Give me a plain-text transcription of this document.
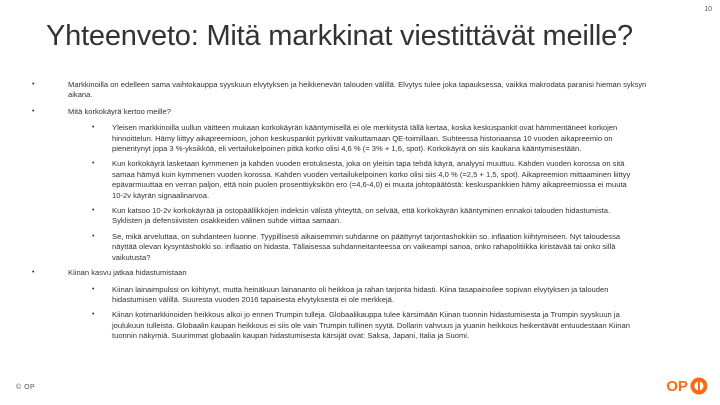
10
Yhteenveto: Mitä markkinat viestittävät meille?
•	Markkinoilla on edelleen sama vaihtokauppa syyskuun elvytyksen ja heikkenevän talouden välillä. Elvytys tulee joka tapauksessa, vaikka makrodata paranisi hieman syksyn aikana.
•	Mitä korkokäyrä kertoo meille?
• Yleisen markkinoilla uullun väitteen mukaan korkokäyrän kääntymisellä ei ole merkitystä tällä kertaa, koska keskuspankit ovat hämmentäneet korkojen hinnoittelun. Hämy liittyy aikapreemioon, johon keskuspankit pyrkivät vaikuttamaan QE-toimillaan. Suhteessa historiaansa 10 vuoden aikapreemio on pienentynyt jopa 3 %-yksikköä, eli vertailukelpoinen pitkä korko olisi 4,6 % (= 3% + 1,6, spot). Korkokäyrä on siis kaukana kääntymisestään.
• Kun korkokäyrä lasketaan kymmenen ja kahden vuoden erotuksesta, joka on yleisin tapa tehdä käyrä, analyysi muuttuu. Kahden vuoden korossa on sitä samaa hämyä kuin kymmenen vuoden korossa. Kahden vuoden vertailukelpoinen korko olisi siis 4,0 % (=2,5 + 1,5, spot). Aikapreemion mittaaminen liittyy epävarmuuttaa en verran paljon, että noin puolen prosenttiyksikön ero (=4,6-4,0) ei muuta johtopäätöstä: keskuspankkien hämy aikapreemiossa ei muuta 10-2v käyrän signaalinarvoa.
• Kun katsoo 10-2v korkokäyrää ja ostopäällikköjen indeksin välistä yhteyttä, on selvää, että korkokäyrän kääntyminen ennakoi talouden hidastumista. Syklisten ja defensiivisten osakkeiden välinen suhde viittaa samaan.
• Se, mikä arveluttaa, on suhdanteen luonne. Tyypillisesti aikaisemmin suhdanne on päättynyt tarjontashokkiin so. inflaation kiihtymiseen. Nyt taloudessa näyttää olevan kysyntäshokki so. inflaatio on hidasta. Tällaisessa suhdanneitanteessa on vaikeampi sanoa, onko rahapolitiikka kiristävää tai onko sillä vaikutusta?
•	Kiinan kasvu jatkaa hidastumistaan
• Kiinan lainaimpulssi on kiihtynyt, mutta heinäkuun lainananto oli heikkoa ja rahan tarjonta hidasti. Kiina tasapainoilee sopivan elvytyksen ja talouden hidastumisen välillä. Suuresta vuoden 2016 tapaisesta elvytyksestä ei ole merkkejä.
• Kiinan kotimarkkinoiden heikkous alkoi jo ennen Trumpin tulleja. Globaalikauppa tulee kärsimään Kiinan tuonnin hidastumisesta ja Trumpin syyskuun ja joulukuun tulleista. Globaalin kaupan heikkous ei siis ole vain Trumpin tullinen syytä. Dollarin vahvuus ja yuanin heikkous heikentävät entuudestaan Kiinan tuonnin näkymiä. Suurimmat globaalin kaupan hidastumisesta kärsijät ovat: Saksa, Japani, Italia ja Suomi.
© OP	OP
